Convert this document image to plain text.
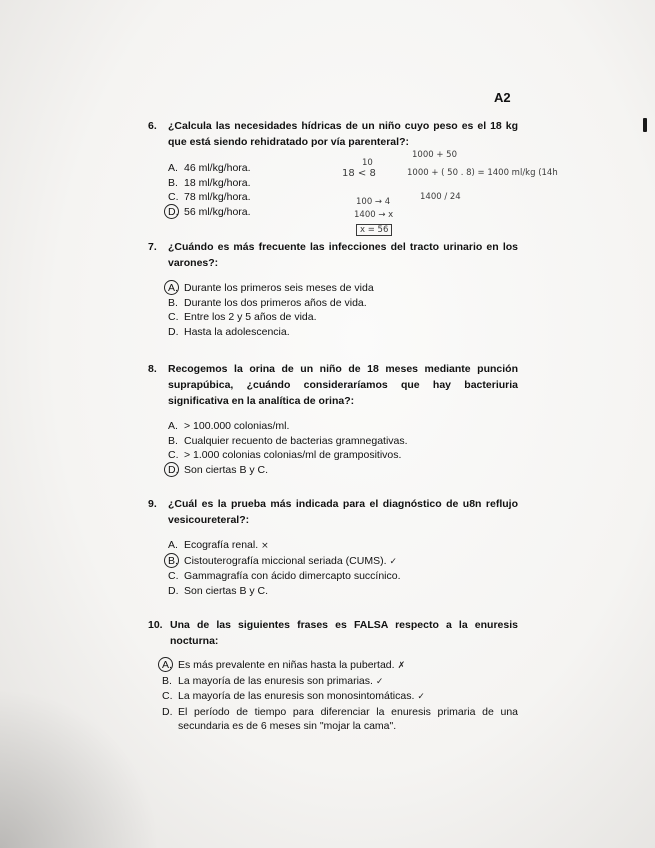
A2
6.	¿Calcula las necesidades hídricas de un niño cuyo peso es el 18 kg que está siendo rehidratado por vía parenteral?:
A. 46 ml/kg/hora.
B. 18 ml/kg/hora.
C. 78 ml/kg/hora.
D. 56 ml/kg/hora.
10
18 < 8
1000 + 50
1000 + ( 50 . 8) = 1400 ml/kg (14h
1400 / 24
100 → 4
1400 → x
x = 56
7.	¿Cuándo es más frecuente las infecciones del tracto urinario en los varones?:
A. Durante los primeros seis meses de vida
B. Durante los dos primeros años de vida.
C. Entre los 2 y 5 años de vida.
D. Hasta la adolescencia.
8.	Recogemos la orina de un niño de 18 meses mediante punción suprapúbica, ¿cuándo consideraríamos que hay bacteriuria significativa en la analítica de orina?:
A. > 100.000 colonias/ml.
B. Cualquier recuento de bacterias gramnegativas.
C. > 1.000 colonias colonias/ml de grampositivos.
D. Son ciertas B y C.
9.	¿Cuál es la prueba más indicada para el diagnóstico de u8n reflujo vesicoureteral?:
A. Ecografía renal. ×
B. Cistouterografía miccional seriada (CUMS). ✓
C. Gammagrafía con ácido dimercapto succínico.
D. Son ciertas B y C.
10. Una de las siguientes frases es FALSA respecto a la enuresis nocturna:
A. Es más prevalente en niñas hasta la pubertad. ✗
B. La mayoría de las enuresis son primarias. ✓
C. La mayoría de las enuresis son monosintomáticas. ✓
D. El período de tiempo para diferenciar la enuresis primaria de una secundaria es de 6 meses sin "mojar la cama".
